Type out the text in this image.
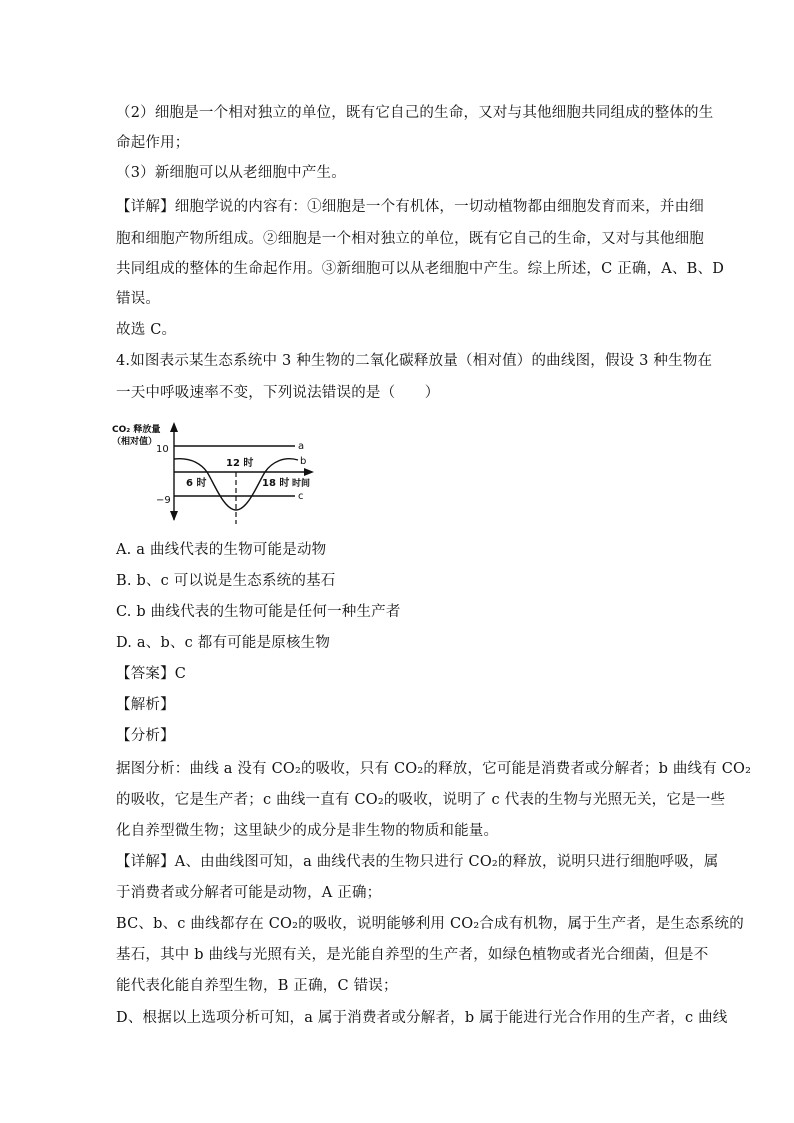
（2）细胞是一个相对独立的单位，既有它自己的生命，又对与其他细胞共同组成的整体的生
命起作用；
（3）新细胞可以从老细胞中产生。
【详解】细胞学说的内容有：①细胞是一个有机体，一切动植物都由细胞发育而来，并由细
胞和细胞产物所组成。②细胞是一个相对独立的单位，既有它自己的生命，又对与其他细胞
共同组成的整体的生命起作用。③新细胞可以从老细胞中产生。综上所述，C 正确，A、B、D
错误。
故选 C。
4.如图表示某生态系统中 3 种生物的二氧化碳释放量（相对值）的曲线图，假设 3 种生物在
一天中呼吸速率不变，下列说法错误的是（　　）
CO₂ 释放量
（相对值）
10
−9
时间
a
b
c
6 时
12 时
18 时
A. a 曲线代表的生物可能是动物
B. b、c 可以说是生态系统的基石
C. b 曲线代表的生物可能是任何一种生产者
D. a、b、c 都有可能是原核生物
【答案】C
【解析】
【分析】
据图分析：曲线 a 没有 CO₂的吸收，只有 CO₂的释放，它可能是消费者或分解者；b 曲线有 CO₂
的吸收，它是生产者；c 曲线一直有 CO₂的吸收，说明了 c 代表的生物与光照无关，它是一些
化自养型微生物；这里缺少的成分是非生物的物质和能量。
【详解】A、由曲线图可知，a 曲线代表的生物只进行 CO₂的释放，说明只进行细胞呼吸，属
于消费者或分解者可能是动物，A 正确；
BC、b、c 曲线都存在 CO₂的吸收，说明能够利用 CO₂合成有机物，属于生产者，是生态系统的
基石，其中 b 曲线与光照有关，是光能自养型的生产者，如绿色植物或者光合细菌，但是不
能代表化能自养型生物，B 正确，C 错误；
D、根据以上选项分析可知，a 属于消费者或分解者，b 属于能进行光合作用的生产者，c 曲线
